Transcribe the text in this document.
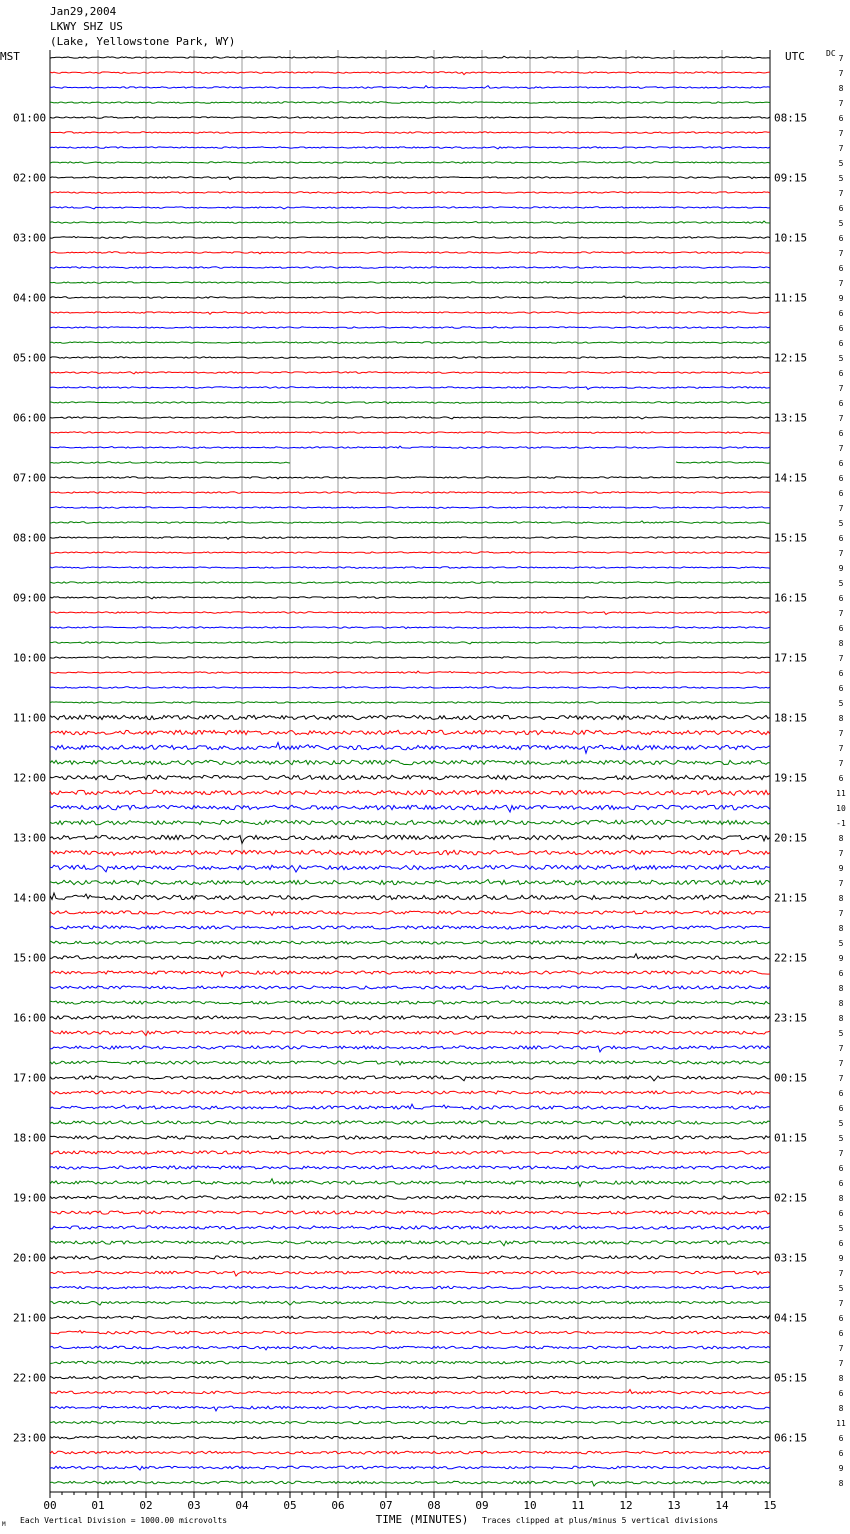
Jan29,2004
LKWY SHZ US
(Lake, Yellowstone Park, WY)
7
7
8
7
6
7
7
5
5
7
6
5
6
7
6
7
9
6
6
6
5
6
7
6
7
6
7
6
6
6
7
5
6
7
9
5
6
7
6
8
7
6
6
5
8
7
7
7
6
11
10
-1
8
7
9
7
8
7
8
5
9
6
8
8
8
5
7
7
7
6
6
5
5
7
6
6
8
6
5
6
9
7
5
7
6
6
7
7
8
6
8
11
6
6
9
8
MST	UTC	DC
01:00
02:00
03:00
04:00
05:00
06:00
07:00
08:00
09:00
10:00
11:00
12:00
13:00
14:00
15:00
16:00
17:00
18:00
19:00
20:00
21:00
22:00
23:00
08:15
09:15
10:15
11:15
12:15
13:15
14:15
15:15
16:15
17:15
18:15
19:15
20:15
21:15
22:15
23:15
00:15
01:15
02:15
03:15
04:15
05:15
06:15
00	01	02	03	04	05	06	07	08	09	10	11	12	13	14	15
TIME (MINUTES)
Each Vertical Division = 1000.00 microvolts	Traces clipped at plus/minus 5 vertical divisions
M
